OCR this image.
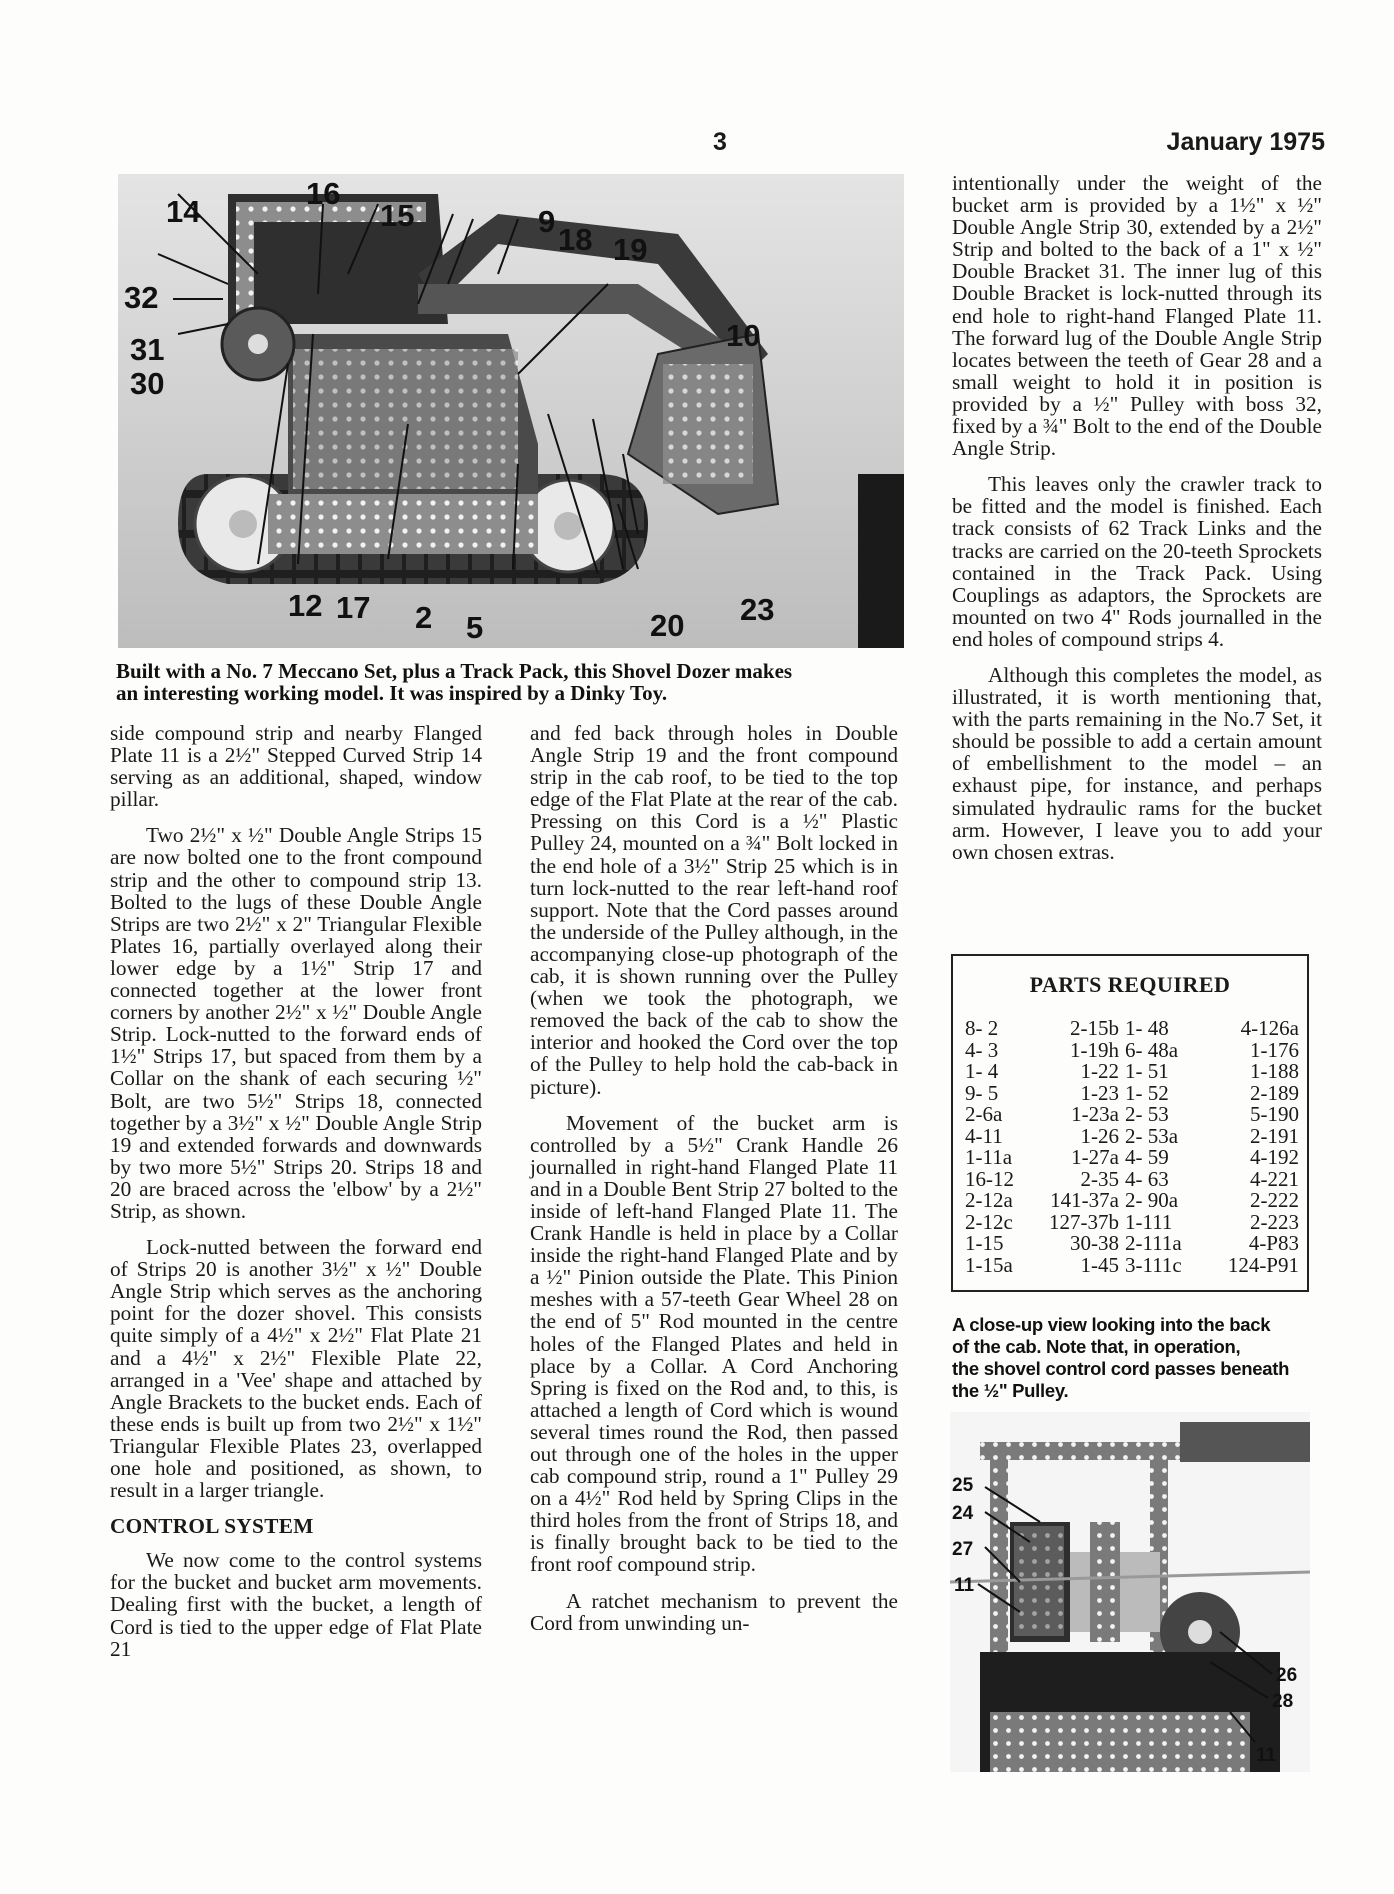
3	January 1975
14
16
15	9
18 19
32
31
30
10
12 17 2 5	20 23
Built with a No. 7 Meccano Set, plus a Track Pack, this Shovel Dozer makes
an interesting working model. It was inspired by a Dinky Toy.

side compound strip and nearby Flanged Plate 11 is a 2½" Stepped Curved Strip 14 serving as an additional, shaped, window pillar.

Two 2½" x ½" Double Angle Strips 15 are now bolted one to the front compound strip and the other to compound strip 13. Bolted to the lugs of these Double Angle Strips are two 2½" x 2" Triangular Flexible Plates 16, partially overlayed along their lower edge by a 1½" Strip 17 and connected together at the lower front corners by another 2½" x ½" Double Angle Strip. Lock-nutted to the forward ends of 1½" Strips 17, but spaced from them by a Collar on the shank of each securing ½" Bolt, are two 5½" Strips 18, connected together by a 3½" x ½" Double Angle Strip 19 and extended forwards and downwards by two more 5½" Strips 20. Strips 18 and 20 are braced across the 'elbow' by a 2½" Strip, as shown.

Lock-nutted between the forward end of Strips 20 is another 3½" x ½" Double Angle Strip which serves as the anchoring point for the dozer shovel. This consists quite simply of a 4½" x 2½" Flat Plate 21 and a 4½" x 2½" Flexible Plate 22, arranged in a 'Vee' shape and attached by Angle Brackets to the bucket ends. Each of these ends is built up from two 2½" x 1½" Triangular Flexible Plates 23, overlapped one hole and positioned, as shown, to result in a larger triangle.

CONTROL SYSTEM

We now come to the control systems for the bucket and bucket arm movements. Dealing first with the bucket, a length of Cord is tied to the upper edge of Flat Plate 21

and fed back through holes in Double Angle Strip 19 and the front compound strip in the cab roof, to be tied to the top edge of the Flat Plate at the rear of the cab. Pressing on this Cord is a ½" Plastic Pulley 24, mounted on a ¾" Bolt locked in the end hole of a 3½" Strip 25 which is in turn lock-nutted to the rear left-hand roof support. Note that the Cord passes around the underside of the Pulley although, in the accompanying close-up photograph of the cab, it is shown running over the Pulley (when we took the photograph, we removed the back of the cab to show the interior and hooked the Cord over the top of the Pulley to help hold the cab-back in picture).

Movement of the bucket arm is controlled by a 5½" Crank Handle 26 journalled in right-hand Flanged Plate 11 and in a Double Bent Strip 27 bolted to the inside of left-hand Flanged Plate 11. The Crank Handle is held in place by a Collar inside the right-hand Flanged Plate and by a ½" Pinion outside the Plate. This Pinion meshes with a 57-teeth Gear Wheel 28 on the end of 5" Rod mounted in the centre holes of the Flanged Plates and held in place by a Collar. A Cord Anchoring Spring is fixed on the Rod and, to this, is attached a length of Cord which is wound several times round the Rod, then passed out through one of the holes in the upper cab compound strip, round a 1" Pulley 29 on a 4½" Rod held by Spring Clips in the third holes from the front of Strips 18, and is finally brought back to be tied to the front roof compound strip.

A ratchet mechanism to prevent the Cord from unwinding un-

intentionally under the weight of the bucket arm is provided by a 1½" x ½" Double Angle Strip 30, extended by a 2½" Strip and bolted to the back of a 1" x ½" Double Bracket 31. The inner lug of this Double Bracket is lock-nutted through its end hole to right-hand Flanged Plate 11. The forward lug of the Double Angle Strip locates between the teeth of Gear 28 and a small weight to hold it in position is provided by a ½" Pulley with boss 32, fixed by a ¾" Bolt to the end of the Double Angle Strip.

This leaves only the crawler track to be fitted and the model is finished. Each track consists of 62 Track Links and the tracks are carried on the 20-teeth Sprockets contained in the Track Pack. Using Couplings as adaptors, the Sprockets are mounted on two 4" Rods journalled in the end holes of compound strips 4.

Although this completes the model, as illustrated, it is worth mentioning that, with the parts remaining in the No.7 Set, it should be possible to add a certain amount of embellishment to the model – an exhaust pipe, for instance, and perhaps simulated hydraulic rams for the bucket arm. However, I leave you to add your own chosen extras.

PARTS REQUIRED
8- 2	2-15b 1- 48	4-126a
4- 3	1-19h 6- 48a	1-176
1- 4	1-22 1- 51	1-188
9- 5	1-23 1- 52	2-189
2-6a	1-23a 2- 53	5-190
4-11	1-26 2- 53a	2-191
1-11a	1-27a 4- 59	4-192
16-12	2-35 4- 63	4-221
2-12a	141-37a 2- 90a	2-222
2-12c	127-37b 1-111	2-223
1-15	30-38 2-111a	4-P83
1-15a	1-45 3-111c	124-P91
A close-up view looking into the back
of the cab. Note that, in operation,
the shovel control cord passes beneath
the ½" Pulley.
25
24
27
11
26
28
11
